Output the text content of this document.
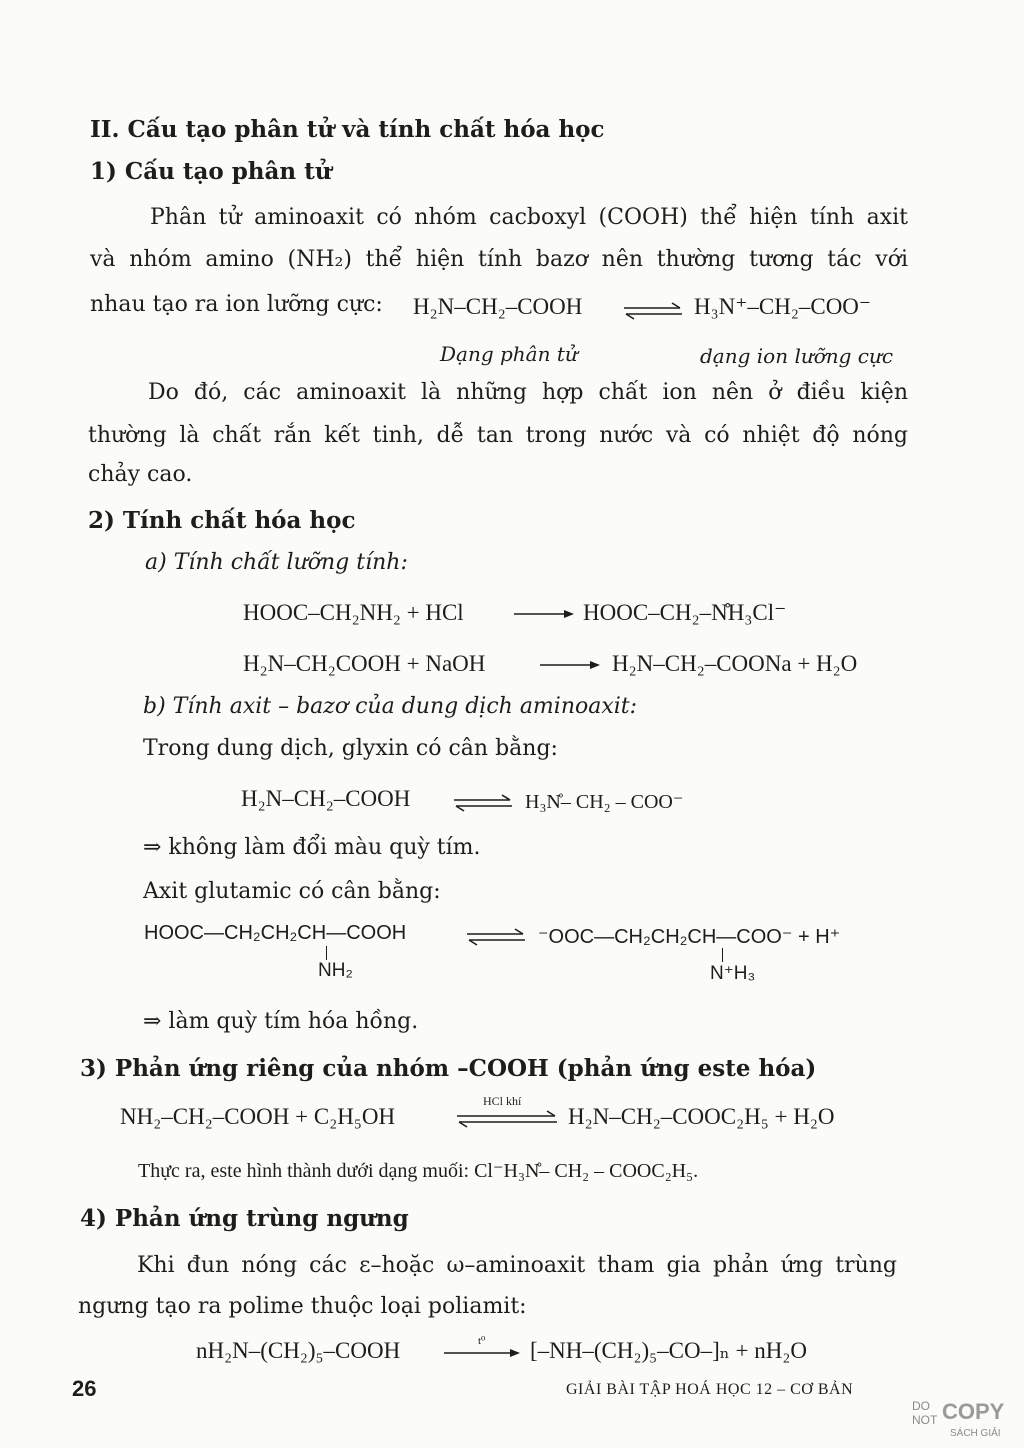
II. Cấu tạo phân tử và tính chất hóa học
1) Cấu tạo phân tử
Phân tử aminoaxit có nhóm cacboxyl (COOH) thể hiện tính axit
và nhóm amino (NH₂) thể hiện tính bazơ nên thường tương tác với
nhau tạo ra ion lưỡng cực: H₂N–CH₂–COOH ⇌ H₃N⁺–CH₂–COO⁻
Dạng phân tử	dạng ion lưỡng cực
Do đó, các aminoaxit là những hợp chất ion nên ở điều kiện
thường là chất rắn kết tinh, dễ tan trong nước và có nhiệt độ nóng
chảy cao.
2) Tính chất hóa học
a) Tính chất lưỡng tính:
HOOC–CH₂NH₂ + HCl	→ HOOC–CH₂–N̊H₃Cl⁻
H₂N–CH₂COOH + NaOH	→ H₂N–CH₂–COONa + H₂O
b) Tính axit – bazơ của dung dịch aminoaxit:
Trong dung dịch, glyxin có cân bằng:
H₂N–CH₂–COOH	⇌ H₃N̊– CH₂ – COO⁻
⇒ không làm đổi màu quỳ tím.
Axit glutamic có cân bằng:
HOOC—CH₂CH₂CH—COOH
NH₂
⇌ ⁻OOC—CH₂CH₂CH—COO⁻ + H⁺
N⁺H₃
⇒ làm quỳ tím hóa hồng.
3) Phản ứng riêng của nhóm –COOH (phản ứng este hóa)
NH₂–CH₂–COOH + C₂H₅OH
HCl khí
H₂N–CH₂–COOC₂H₅ + H₂O
Thực ra, este hình thành dưới dạng muối: Cl⁻H₃N̊– CH₂ – COOC₂H₅.
4) Phản ứng trùng ngưng
Khi đun nóng các ε–hoặc ω–aminoaxit tham gia phản ứng trùng
ngưng tạo ra polime thuộc loại poliamit:
nH₂N–(CH₂)₅–COOH	t⁰ [–NH–(CH₂)₅–CO–]ₙ + nH₂O
26	GIẢI BÀI TẬP HOÁ HỌC 12 – CƠ BẢN
DO
NOT COPY
SÁCH GIẢI
